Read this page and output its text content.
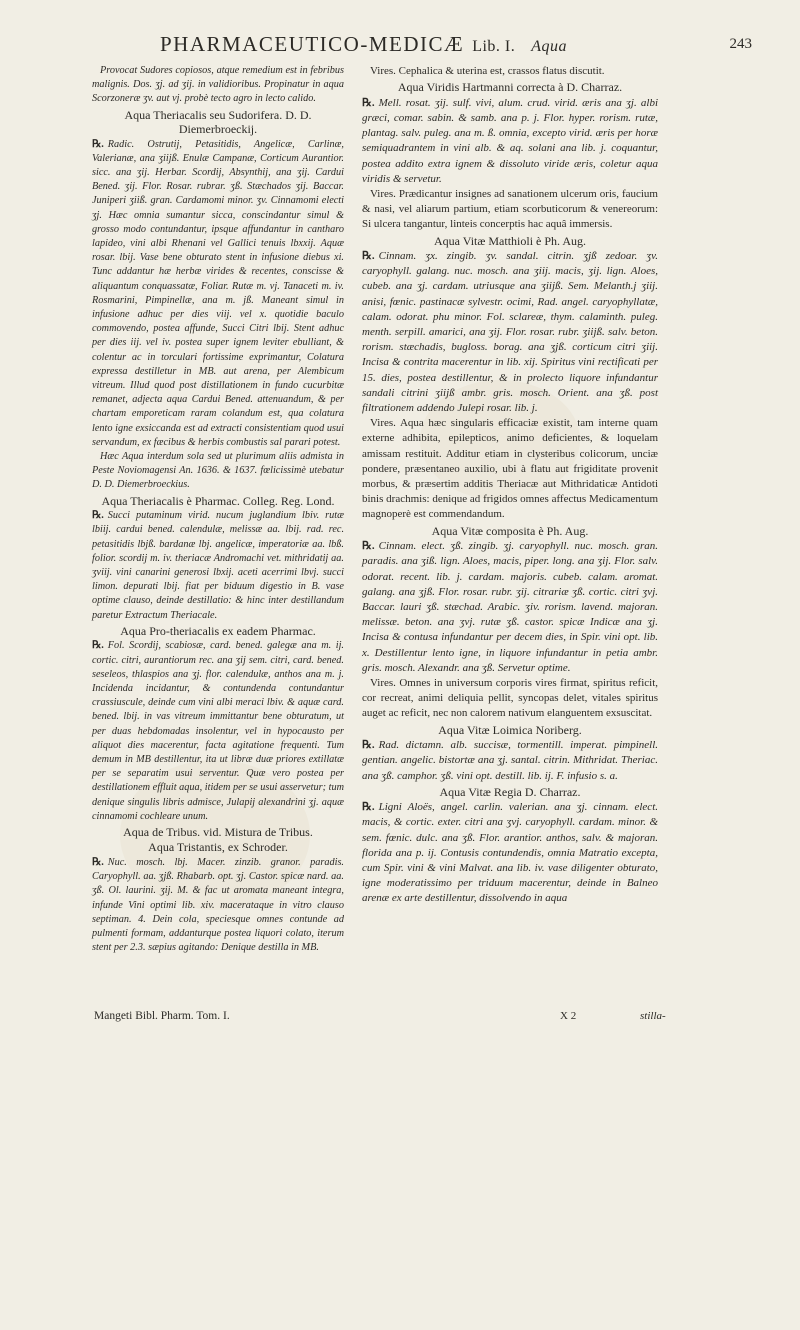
PHARMACEUTICO-MEDICÆ Lib. I. Aqua	243

Provocat Sudores copiosos, atque remedium est in febribus malignis. Dos. ʒj. ad ʒij. in validioribus. Propinatur in aqua Scorzoneræ ʒv. aut vj. probè tecto agro in lecto calido.

Aqua Theriacalis seu Sudorifera. D. D. Diemerbroeckij.

℞. Radic. Ostrutij, Petasitidis, Angelicæ, Carlinæ, Valerianæ, ana ʒiijß. Enulæ Campanæ, Corticum Aurantior. sicc. ana ʒij. Herbar. Scordij, Absynthij, ana ʒij. Cardui Bened. ʒij. Flor. Rosar. rubrar. ʒß. Stæchados ʒij. Baccar. Juniperi ʒiiß. gran. Cardamomi minor. ʒv. Cinnamomi electi ʒj. Hæc omnia sumantur sicca, conscindantur simul & grosso modo contundantur, ipsque affundantur in cantharo lapideo, vini albi Rhenani vel Gallici tenuis lbxxij. Aquæ rosar. lbij. Vase bene obturato stent in infusione diebus xi. Tunc addantur hæ herbæ virides & recentes, conscisse & aliquantum conquassatæ, Foliar. Rutæ m. vj. Tanaceti m. iv. Rosmarini, Pimpinellæ, ana m. jß. Maneant simul in infusione adhuc per dies viij. vel x. quotidie baculo commovendo, postea affunde, Succi Citri lbij. Stent adhuc per dies iij. vel iv. postea super ignem leviter ebulliant, & colentur ac in torculari fortissime exprimantur, Colatura expressa destilletur in MB. aut arena, per Alembicum vitreum. Illud quod post distillationem in fundo cucurbitæ remanet, adjecta aqua Cardui Bened. attenuandum, & per chartam emporeticam raram colandum est, qua colatura lento igne exsiccanda est ad extracti consistentiam quod usui servandum, ex fæcibus & herbis combustis sal parari potest.

Hæc Aqua interdum sola sed ut plurimum aliis admista in Peste Noviomagensi An. 1636. & 1637. fœlicissimè utebatur D. D. Diemerbroeckius.

Aqua Theriacalis è Pharmac. Colleg. Reg. Lond.

℞. Succi putaminum virid. nucum juglandium lbiv. rutæ lbiij. cardui bened. calendulæ, melissæ aa. lbij. rad. rec. petasitidis lbjß. bardanæ lbj. angelicæ, imperatoriæ aa. lbß. folior. scordij m. iv. theriacæ Andromachi vet. mithridatij aa. ʒviij. vini canarini generosi lbxij. aceti acerrimi lbvj. succi limon. depurati lbij. fiat per biduum digestio in B. vase optime clauso, deinde destillatio: & hinc inter destillandum paretur Extractum Theriacale.

Aqua Pro-theriacalis ex eadem Pharmac.

℞. Fol. Scordij, scabiosæ, card. bened. galegæ ana m. ij. cortic. citri, aurantiorum rec. ana ʒij sem. citri, card. bened. seseleos, thlaspios ana ʒj. flor. calendulæ, anthos ana m. j. Incidenda incidantur, & contundenda contundantur crassiuscule, deinde cum vini albi meraci lbiv. & aquæ card. bened. lbij. in vas vitreum immittantur bene obturatum, ut per duas hebdomadas insolentur, vel in hypocausto per aliquot dies macerentur, facta agitatione frequenti. Tum demum in MB destillentur, ita ut libræ duæ priores extillatæ per se separatim usui serventur. Quæ vero postea per destillationem effluit aqua, itidem per se usui asservetur; tum denique singulis libris admisce, Julapij alexandrini ʒj. aquæ cinnamomi cochleare unum.

Aqua de Tribus. vid. Mistura de Tribus.
Aqua Tristantis, ex Schroder.

℞. Nuc. mosch. lbj. Macer. zinzib. granor. paradis. Caryophyll. aa. ʒjß. Rhabarb. opt. ʒj. Castor. spicæ nard. aa. ʒß. Ol. laurini. ʒij. M. & fac ut aromata maneant integra, infunde Vini optimi lib. xiv. macerataque in vitro clauso septiman. 4. Dein cola, speciesque omnes contunde ad pulmenti formam, addanturque postea liquori colato, iterum stent per 2.3. sæpius agitando: Denique destilla in MB.

Vires. Cephalica & uterina est, crassos flatus discutit.

Aqua Viridis Hartmanni correcta à D. Charraz.

℞. Mell. rosat. ʒij. sulf. vivi, alum. crud. virid. æris ana ʒj. albi græci, comar. sabin. & samb. ana p. j. Flor. hyper. rorism. rutæ, plantag. salv. puleg. ana m. ß. omnia, excepto virid. æris per horæ semiquadrantem in vini alb. & aq. solani ana lib. j. coquantur, postea addito extra ignem & dissoluto viride æris, coletur aqua viridis & servetur.

Vires. Prædicantur insignes ad sanationem ulcerum oris, faucium & nasi, vel aliarum partium, etiam scorbuticorum & venereorum: Si ulcera tangantur, linteis concerptis hac aquâ immersis.

Aqua Vitæ Matthioli è Ph. Aug.

℞. Cinnam. ʒx. zingib. ʒv. sandal. citrin. ʒjß zedoar. ʒv. caryophyll. galang. nuc. mosch. ana ʒiij. macis, ʒij. lign. Aloes, cubeb. ana ʒj. cardam. utriusque ana ʒiijß. Sem. Melanth.j ʒiij. anisi, fœnic. pastinacæ sylvestr. ocimi, Rad. angel. caryophyllatæ, calam. odorat. phu minor. Fol. sclareæ, thym. calaminth. puleg. menth. serpill. amarici, ana ʒij. Flor. rosar. rubr. ʒiijß. salv. beton. rorism. stæchadis, bugloss. borag. ana ʒjß. corticum citri ʒiij. Incisa & contrita macerentur in lib. xij. Spiritus vini rectificati per 15. dies, postea destillentur, & in prolecto liquore infundantur sandali citrini ʒiijß ambr. gris. mosch. Orient. ana ʒß. post filtrationem addendo Julepi rosar. lib. j.

Vires. Aqua hæc singularis efficaciæ existit, tam interne quam externe adhibita, epilepticos, animo deficientes, & loquelam amissam restituit. Additur etiam in clysteribus colicorum, unciæ pondere, præsentaneo auxilio, ubi à flatu aut frigiditate provenit morbus, & præsertim additis Theriacæ aut Mithridaticæ Antidoti binis drachmis: denique ad frigidos omnes affectus Medicamentum magnoperè est commendandum.

Aqua Vitæ composita è Ph. Aug.

℞. Cinnam. elect. ʒß. zingib. ʒj. caryophyll. nuc. mosch. gran. paradis. ana ʒiß. lign. Aloes, macis, piper. long. ana ʒij. Flor. salv. odorat. recent. lib. j. cardam. majoris. cubeb. calam. aromat. galang. ana ʒjß. Flor. rosar. rubr. ʒij. citrariæ ʒß. cortic. citri ʒvj. Baccar. lauri ʒß. stæchad. Arabic. ʒiv. rorism. lavend. majoran. melissæ. beton. ana ʒvj. rutæ ʒß. castor. spicæ Indicæ ana ʒj. Incisa & contusa infundantur per decem dies, in Spir. vini opt. lib. x. Destillentur lento igne, in liquore infundantur in petia ambr. gris. mosch. Alexandr. ana ʒß. Servetur optime.

Vires. Omnes in universum corporis vires firmat, spiritus reficit, cor recreat, animi deliquia pellit, syncopas delet, vitales spiritus auget ac reficit, nec non calorem nativum elanguentem exsuscitat.

Aqua Vitæ Loimica Noriberg.

℞. Rad. dictamn. alb. succisæ, tormentill. imperat. pimpinell. gentian. angelic. bistortæ ana ʒj. santal. citrin. Mithridat. Theriac. ana ʒß. camphor. ʒß. vini opt. destill. lib. ij. F. infusio s. a.

Aqua Vitæ Regia D. Charraz.

℞. Ligni Aloës, angel. carlin. valerian. ana ʒj. cinnam. elect. macis, & cortic. exter. citri ana ʒvj. caryophyll. cardam. minor. & sem. fœnic. dulc. ana ʒß. Flor. arantior. anthos, salv. & majoran. florida ana p. ij. Contusis contundendis, omnia Matratio excepta, cum Spir. vini & vini Malvat. ana lib. iv. vase diligenter obturato, igne moderatissimo per triduum macerentur, deinde in Balneo arenæ ex arte destillentur, dissolvendo in aqua

Mangeti Bibl. Pharm. Tom. I.	X 2	stilla-
